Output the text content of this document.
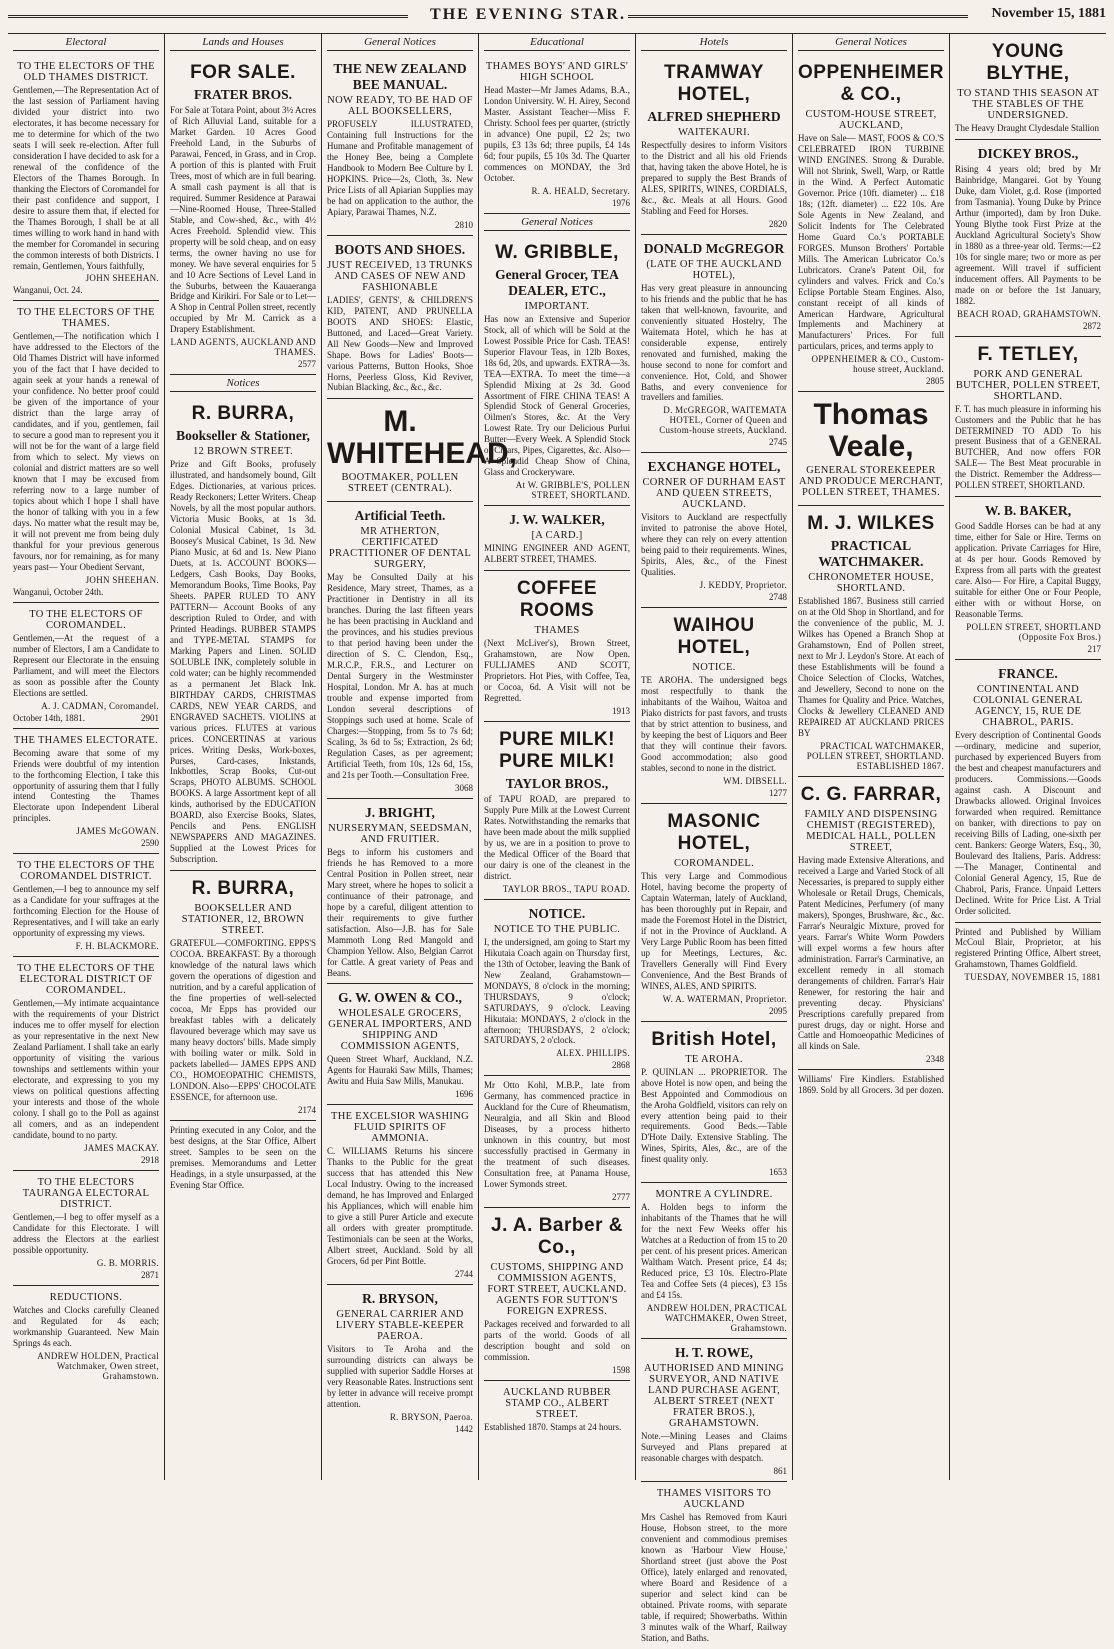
THE EVENING STAR.	November 15, 1881
Electoral
TO THE ELECTORS OF THE OLD THAMES DISTRICT.
Gentlemen,—The Representation Act of the last session of Parliament having divided your district into two electorates, it has become necessary for me to determine for which of the two seats I will seek re-election. After full consideration I have decided to ask for a renewal of the confidence of the Electors of the Thames Borough. In thanking the Electors of Coromandel for their past confidence and support, I desire to assure them that, if elected for the Thames Borough, I shall be at all times willing to work hand in hand with the member for Coromandel in securing the common interests of both Districts. I remain, Gentlemen, Yours faithfully,
JOHN SHEEHAN.
Wanganui, Oct. 24.
TO THE ELECTORS OF THE THAMES.
Gentlemen,—The notification which I have addressed to the Electors of the Old Thames District will have informed you of the fact that I have decided to again seek at your hands a renewal of your confidence. No better proof could be given of the importance of your district than the large array of candidates, and if you, gentlemen, fail to secure a good man to represent you it will not be for the want of a large field from which to select. My views on colonial and district matters are so well known that I may be excused from referring now to a large number of topics about which I hope I shall have the honor of talking with you in a few days. No matter what the result may be, it will not prevent me from being duly thankful for your previous generous favours, nor for remaining, as for many years past— Your Obedient Servant,
JOHN SHEEHAN.
Wanganui, October 24th.
TO THE ELECTORS OF COROMANDEL.
Gentlemen,—At the request of a number of Electors, I am a Candidate to Represent our Electorate in the ensuing Parliament, and will meet the Electors as soon as possible after the County Elections are settled.
A. J. CADMAN, Coromandel.
October 14th, 1881.	2901
THE THAMES ELECTORATE.
Becoming aware that some of my Friends were doubtful of my intention to the forthcoming Election, I take this opportunity of assuring them that I fully intend Contesting the Thames Electorate upon Independent Liberal principles.
JAMES McGOWAN.
2590
TO THE ELECTORS OF THE COROMANDEL DISTRICT.
Gentlemen,—I beg to announce my self as a Candidate for your suffrages at the forthcoming Election for the House of Representatives, and I will take an early opportunity of expressing my views.
F. H. BLACKMORE.
TO THE ELECTORS OF THE ELECTORAL DISTRICT OF COROMANDEL.
Gentlemen,—My intimate acquaintance with the requirements of your District induces me to offer myself for election as your representative in the next New Zealand Parliament. I shall take an early opportunity of visiting the various townships and settlements within your electorate, and expressing to you my views on political questions affecting your interests and those of the whole colony. I shall go to the Poll as against all comers, and as an independent candidate, bound to no party.
JAMES MACKAY.
2918
TO THE ELECTORS TAURANGA ELECTORAL DISTRICT.
Gentlemen,—I beg to offer myself as a Candidate for this Electorate. I will address the Electors at the earliest possible opportunity.
G. B. MORRIS.
2871
REDUCTIONS.
Watches and Clocks carefully Cleaned and Regulated for 4s each; workmanship Guaranteed. New Main Springs 4s each.
ANDREW HOLDEN, Practical Watchmaker, Owen street, Grahamstown.
Lands and Houses
FOR SALE.
FRATER BROS.
For Sale at Totara Point, about 3½ Acres of Rich Alluvial Land, suitable for a Market Garden. 10 Acres Good Freehold Land, in the Suburbs of Parawai, Fenced, in Grass, and in Crop. A portion of this is planted with Fruit Trees, most of which are in full bearing. A small cash payment is all that is required. Summer Residence at Parawai—Nine-Roomed House, Three-Stalled Stable, and Cow-shed, &c., with 4½ Acres Freehold. Splendid view. This property will be sold cheap, and on easy terms, the owner having no use for money. We have several enquiries for 5 and 10 Acre Sections of Level Land in the Suburbs, between the Kauaeranga Bridge and Kirikiri. For Sale or to Let—A Shop in Central Pollen street, recently occupied by Mr M. Carrick as a Drapery Establishment.
LAND AGENTS, AUCKLAND AND THAMES.
2577
Notices
R. BURRA,
Bookseller & Stationer,
12 BROWN STREET.
Prize and Gift Books, profusely illustrated, and handsomely bound, Gilt Edges. Dictionaries, at various prices. Ready Reckoners; Letter Writers. Cheap Novels, by all the most popular authors. Victoria Music Books, at 1s 3d. Colonial Musical Cabinet, 1s 3d. Boosey's Musical Cabinet, 1s 3d. New Piano Music, at 6d and 1s. New Piano Duets, at 1s. ACCOUNT BOOKS— Ledgers, Cash Books, Day Books, Memorandum Books, Time Books, Pay Sheets. PAPER RULED TO ANY PATTERN— Account Books of any description Ruled to Order, and with Printed Headings. RUBBER STAMPS and TYPE-METAL STAMPS for Marking Papers and Linen. SOLID SOLUBLE INK, completely soluble in cold water; can be highly recommended as a permanent Jet Black Ink. BIRTHDAY CARDS, CHRISTMAS CARDS, NEW YEAR CARDS, and ENGRAVED SACHETS. VIOLINS at various prices. FLUTES at various prices. CONCERTINAS at various prices. Writing Desks, Work-boxes, Purses, Card-cases, Inkstands, Inkbottles, Scrap Books, Cut-out Scraps, PHOTO ALBUMS. SCHOOL BOOKS. A large Assortment kept of all kinds, authorised by the EDUCATION BOARD, also Exercise Books, Slates, Pencils and Pens. ENGLISH NEWSPAPERS AND MAGAZINES. Supplied at the Lowest Prices for Subscription.
R. BURRA,
BOOKSELLER AND STATIONER, 12, BROWN STREET.
GRATEFUL—COMFORTING. EPPS'S COCOA. BREAKFAST. By a thorough knowledge of the natural laws which govern the operations of digestion and nutrition, and by a careful application of the fine properties of well-selected cocoa, Mr Epps has provided our breakfast tables with a delicately flavoured beverage which may save us many heavy doctors' bills. Made simply with boiling water or milk. Sold in packets labelled— JAMES EPPS AND CO., HOMOEOPATHIC CHEMISTS, LONDON. Also—EPPS' CHOCOLATE ESSENCE, for afternoon use.
2174
Printing executed in any Color, and the best designs, at the Star Office, Albert street. Samples to be seen on the premises. Memorandums and Letter Headings, in a style unsurpassed, at the Evening Star Office.
General Notices
THE NEW ZEALAND BEE MANUAL.
NOW READY, TO BE HAD OF ALL BOOKSELLERS,
PROFUSELY ILLUSTRATED, Containing full Instructions for the Humane and Profitable management of the Honey Bee, being a Complete Handbook to Modern Bee Culture by I. HOPKINS. Price—2s, Cloth, 3s. New Price Lists of all Apiarian Supplies may be had on application to the author, the Apiary, Parawai Thames, N.Z.
2810
BOOTS AND SHOES.
JUST RECEIVED, 13 TRUNKS AND CASES OF NEW AND FASHIONABLE
LADIES', GENTS', & CHILDREN'S KID, PATENT, AND PRUNELLA BOOTS AND SHOES: Elastic, Buttoned, and Laced—Great Variety. All New Goods—New and Improved Shape. Bows for Ladies' Boots—various Patterns, Button Hooks, Shoe Horns, Peerless Gloss, Kid Reviver, Nubian Blacking, &c., &c., &c.
M. WHITEHEAD,
BOOTMAKER, POLLEN STREET (CENTRAL).
Artificial Teeth.
MR ATHERTON, CERTIFICATED PRACTITIONER OF DENTAL SURGERY,
May be Consulted Daily at his Residence, Mary street, Thames, as a Practitioner in Dentistry in all its branches. During the last fifteen years he has been practising in Auckland and the provinces, and his studies previous to that period having been under the direction of S. C. Clendon, Esq., M.R.C.P., F.R.S., and Lecturer on Dental Surgery in the Westminster Hospital, London. Mr A. has at much trouble and expense imported from London several descriptions of Stoppings such used at home. Scale of Charges:—Stopping, from 5s to 7s 6d; Scaling, 3s 6d to 5s; Extraction, 2s 6d; Regulation Cases, as per agreement; Artificial Teeth, from 10s, 12s 6d, 15s, and 21s per Tooth.—Consultation Free.
3068
J. BRIGHT,
NURSERYMAN, SEEDSMAN, AND FRUITIER.
Begs to inform his customers and friends he has Removed to a more Central Position in Pollen street, near Mary street, where he hopes to solicit a continuance of their patronage, and hope by a careful, diligent attention to their requirements to give further satisfaction. Also—J.B. has for Sale Mammoth Long Red Mangold and Champion Yellow. Also, Belgian Carrot for Cattle. A great variety of Peas and Beans.
G. W. OWEN & CO.,
WHOLESALE GROCERS, GENERAL IMPORTERS, AND SHIPPING AND COMMISSION AGENTS,
Queen Street Wharf, Auckland, N.Z. Agents for Hauraki Saw Mills, Thames; Awitu and Huia Saw Mills, Manukau.
1696
THE EXCELSIOR WASHING FLUID SPIRITS OF AMMONIA.
C. WILLIAMS Returns his sincere Thanks to the Public for the great success that has attended this New Local Industry. Owing to the increased demand, he has Improved and Enlarged his Appliances, which will enable him to give a still Purer Article and execute all orders with greater promptitude. Testimonials can be seen at the Works, Albert street, Auckland. Sold by all Grocers, 6d per Pint Bottle.
2744
R. BRYSON,
GENERAL CARRIER AND LIVERY STABLE-KEEPER PAEROA.
Visitors to Te Aroha and the surrounding districts can always be supplied with superior Saddle Horses at very Reasonable Rates. Instructions sent by letter in advance will receive prompt attention.
R. BRYSON, Paeroa.
1442
Educational
THAMES BOYS' AND GIRLS' HIGH SCHOOL
Head Master—Mr James Adams, B.A., London University. W. H. Airey, Second Master. Assistant Teacher—Miss F. Christy. School fees per quarter, (strictly in advance) One pupil, £2 2s; two pupils, £3 13s 6d; three pupils, £4 14s 6d; four pupils, £5 10s 3d. The Quarter commences on MONDAY, the 3rd October.
R. A. HEALD, Secretary.
1976
General Notices
W. GRIBBLE,
General Grocer, TEA DEALER, ETC.,
IMPORTANT.
Has now an Extensive and Superior Stock, all of which will be Sold at the Lowest Possible Price for Cash. TEAS! Superior Flavour Teas, in 12lb Boxes, 18s 6d, 20s, and upwards. EXTRA—3s. TEA—EXTRA. To meet the time—a Splendid Mixing at 2s 3d. Good Assortment of FIRE CHINA TEAS! A Splendid Stock of General Groceries, Oilmen's Stores, &c. At the Very Lowest Rate. Try our Delicious Purlui Butter—Every Week. A Splendid Stock of Cigars, Pipes, Cigarettes, &c. Also—A Splendid Cheap Show of China, Glass and Crockeryware.
At W. GRIBBLE'S, POLLEN STREET, SHORTLAND.
J. W. WALKER,
[A CARD.]
MINING ENGINEER AND AGENT, ALBERT STREET, THAMES.
COFFEE ROOMS
THAMES
(Next McLiver's), Brown Street, Grahamstown, are Now Open. FULLJAMES AND SCOTT, Proprietors. Hot Pies, with Coffee, Tea, or Cocoa, 6d. A Visit will not be Regretted.
1913
PURE MILK! PURE MILK!
TAYLOR BROS.,
of TAPU ROAD, are prepared to Supply Pure Milk at the Lowest Current Rates. Notwithstanding the remarks that have been made about the milk supplied by us, we are in a position to prove to the Medical Officer of the Board that our dairy is one of the cleanest in the district.
TAYLOR BROS., TAPU ROAD.
NOTICE.
NOTICE TO THE PUBLIC.
I, the undersigned, am going to Start my Hikutaia Coach again on Thursday first, the 13th of October, leaving the Bank of New Zealand, Grahamstown— MONDAYS, 8 o'clock in the morning; THURSDAYS, 9 o'clock; SATURDAYS, 9 o'clock. Leaving Hikutaia: MONDAYS, 2 o'clock in the afternoon; THURSDAYS, 2 o'clock; SATURDAYS, 2 o'clock.
ALEX. PHILLIPS.
2868
Mr Otto Kohl, M.B.P., late from Germany, has commenced practice in Auckland for the Cure of Rheumatism, Neuralgia, and all Skin and Blood Diseases, by a process hitherto unknown in this country, but most successfully practised in Germany in the treatment of such diseases. Consultation free, at Panama House, Lower Symonds street.
2777
J. A. Barber & Co.,
CUSTOMS, SHIPPING AND COMMISSION AGENTS, FORT STREET, AUCKLAND. AGENTS FOR SUTTON'S FOREIGN EXPRESS.
Packages received and forwarded to all parts of the world. Goods of all description bought and sold on commission.
1598
AUCKLAND RUBBER STAMP CO., ALBERT STREET.
Established 1870. Stamps at 24 hours.
Hotels
TRAMWAY HOTEL,
ALFRED SHEPHERD
WAITEKAURI.
Respectfully desires to inform Visitors to the District and all his old Friends that, having taken the above Hotel, he is prepared to supply the Best Brands of ALES, SPIRITS, WINES, CORDIALS, &c., &c. Meals at all Hours. Good Stabling and Feed for Horses.
2820
DONALD McGREGOR
(LATE OF THE AUCKLAND HOTEL),
Has very great pleasure in announcing to his friends and the public that he has taken that well-known, favourite, and conveniently situated Hostelry, The Waitemata Hotel, which he has at considerable expense, entirely renovated and furnished, making the house second to none for comfort and convenience. Hot, Cold, and Shower Baths, and every convenience for travellers and families.
D. McGREGOR, WAITEMATA HOTEL, Corner of Queen and Custom-house streets, Auckland.
2745
EXCHANGE HOTEL,
CORNER OF DURHAM EAST AND QUEEN STREETS, AUCKLAND.
Visitors to Auckland are respectfully invited to patronise the above Hotel, where they can rely on every attention being paid to their requirements. Wines, Spirits, Ales, &c., of the Finest Qualities.
J. KEDDY, Proprietor.
2748
WAIHOU HOTEL,
NOTICE.
TE AROHA. The undersigned begs most respectfully to thank the inhabitants of the Waihou, Waitoa and Piako districts for past favors, and trusts that by strict attention to business, and by keeping the best of Liquors and Beer that they will continue their favors. Good accommodation; also good stables, second to none in the district.
WM. DIBSELL.
1277
MASONIC HOTEL,
COROMANDEL.
This very Large and Commodious Hotel, having become the property of Captain Waterman, lately of Auckland, has been thoroughly put in Repair, and made the Foremost Hotel in the District, if not in the Province of Auckland. A Very Large Public Room has been fitted up for Meetings, Lectures, &c. Travellers Generally will Find Every Convenience, And the Best Brands of WINES, ALES, AND SPIRITS.
W. A. WATERMAN, Proprietor.
2095
British Hotel,
TE AROHA.
P. QUINLAN ... PROPRIETOR. The above Hotel is now open, and being the Best Appointed and Commodious on the Aroha Goldfield, visitors can rely on every attention being paid to their requirements. Good Beds.—Table D'Hote Daily. Extensive Stabling. The Wines, Spirits, Ales, &c., are of the finest quality only.
1653
MONTRE A CYLINDRE.
A. Holden begs to inform the inhabitants of the Thames that he will for the next Few Weeks offer his Watches at a Reduction of from 15 to 20 per cent. of his present prices. American Waltham Watch. Present price, £4 4s; Reduced price, £3 10s. Electro-Plate Tea and Coffee Sets (4 pieces), £3 15s and £4 15s.
ANDREW HOLDEN, PRACTICAL WATCHMAKER, Owen Street, Grahamstown.
H. T. ROWE,
AUTHORISED AND MINING SURVEYOR, AND NATIVE LAND PURCHASE AGENT, ALBERT STREET (NEXT FRATER BROS.), GRAHAMSTOWN.
Note.—Mining Leases and Claims Surveyed and Plans prepared at reasonable charges with despatch.
861
THAMES VISITORS TO AUCKLAND
Mrs Cashel has Removed from Kauri House, Hobson street, to the more convenient and commodious premises known as 'Harbour View House,' Shortland street (just above the Post Office), lately enlarged and renovated, where Board and Residence of a superior and select kind can be obtained. Private rooms, with separate table, if required; Showerbaths. Within 3 minutes walk of the Wharf, Railway Station, and Baths.
General Notices
OPPENHEIMER & CO.,
CUSTOM-HOUSE STREET, AUCKLAND,
Have on Sale— MAST, FOOS & CO.'S CELEBRATED IRON TURBINE WIND ENGINES. Strong & Durable. Will not Shrink, Swell, Warp, or Rattle in the Wind. A Perfect Automatic Governor. Price (10ft. diameter) ... £18 18s; (12ft. diameter) ... £22 10s. Are Sole Agents in New Zealand, and Solicit Indents for The Celebrated Home Guard Co.'s PORTABLE FORGES. Munson Brothers' Portable Mills. The American Lubricator Co.'s Lubricators. Crane's Patent Oil, for cylinders and valves. Frick and Co.'s Eclipse Portable Steam Engines. Also, constant receipt of all kinds of American Hardware, Agricultural Implements and Machinery at Manufacturers' Prices. For full particulars, prices, and terms apply to
OPPENHEIMER & CO., Custom-house street, Auckland.
2805
Thomas Veale,
GENERAL STOREKEEPER AND PRODUCE MERCHANT, POLLEN STREET, THAMES.
M. J. WILKES
PRACTICAL WATCHMAKER.
CHRONOMETER HOUSE, SHORTLAND.
Established 1867. Business still carried on at the Old Shop in Shortland, and for the convenience of the public, M. J. Wilkes has Opened a Branch Shop at Grahamstown, End of Pollen street, next to Mr J. Leydon's Store. At each of these Establishments will be found a Choice Selection of Clocks, Watches, and Jewellery, Second to none on the Thames for Quality and Price. Watches, Clocks & Jewellery CLEANED AND REPAIRED AT AUCKLAND PRICES BY
PRACTICAL WATCHMAKER, POLLEN STREET, SHORTLAND. ESTABLISHED 1867.
C. G. FARRAR,
FAMILY AND DISPENSING CHEMIST (REGISTERED), MEDICAL HALL, POLLEN STREET,
Having made Extensive Alterations, and received a Large and Varied Stock of all Necessaries, is prepared to supply either Wholesale or Retail Drugs, Chemicals, Patent Medicines, Perfumery (of many makers), Sponges, Brushware, &c., &c. Farrar's Neuralgic Mixture, proved for years. Farrar's White Worm Powders will expel worms a few hours after administration. Farrar's Carminative, an excellent remedy in all stomach derangements of children. Farrar's Hair Renewer, for restoring the hair and preventing decay. Physicians' Prescriptions carefully prepared from purest drugs, day or night. Horse and Cattle and Homoeopathic Medicines of all kinds on Sale.
2348
Williams' Fire Kindlers. Established 1869. Sold by all Grocers. 3d per dozen.
YOUNG BLYTHE,
TO STAND THIS SEASON AT THE STABLES OF THE UNDERSIGNED.
The Heavy Draught Clydesdale Stallion
DICKEY BROS.,
Rising 4 years old; bred by Mr Bainbridge, Mangarei. Got by Young Duke, dam Violet, g.d. Rose (imported from Tasmania). Young Duke by Prince Arthur (imported), dam by Iron Duke. Young Blythe took First Prize at the Auckland Agricultural Society's Show in 1880 as a three-year old. Terms:—£2 10s for single mare; two or more as per agreement. Will travel if sufficient inducement offers. All Payments to be made on or before the 1st January, 1882.
BEACH ROAD, GRAHAMSTOWN.
2872
F. TETLEY,
PORK AND GENERAL BUTCHER, POLLEN STREET, SHORTLAND.
F. T. has much pleasure in informing his Customers and the Public that he has DETERMINED TO ADD To his present Business that of a GENERAL BUTCHER, And now offers FOR SALE— The Best Meat procurable in the District. Remember the Address— POLLEN STREET, SHORTLAND.
W. B. BAKER,
Good Saddle Horses can be had at any time, either for Sale or Hire. Terms on application. Private Carriages for Hire, at 4s per hour. Goods Removed by Express from all parts with the greatest care. Also— For Hire, a Capital Buggy, suitable for either One or Four People, either with or without Horse, on Reasonable Terms.
POLLEN STREET, SHORTLAND (Opposite Fox Bros.)
217
FRANCE.
CONTINENTAL AND COLONIAL GENERAL AGENCY, 15, RUE DE CHABROL, PARIS.
Every description of Continental Goods—ordinary, medicine and superior, purchased by experienced Buyers from the best and cheapest manufacturers and producers. Commissions.—Goods against cash. A Discount and Drawbacks allowed. Original Invoices forwarded when required. Remittance on banker, with directions to pay on receiving Bills of Lading, one-sixth per cent. Bankers: George Waters, Esq., 30, Boulevard des Italiens, Paris. Address:—The Manager, Continental and Colonial General Agency, 15, Rue de Chabrol, Paris, France. Unpaid Letters Declined. Write for Price List. A Trial Order solicited.
Printed and Published by William McCoul Blair, Proprietor, at his registered Printing Office, Albert street, Grahamstown, Thames Goldfield.
TUESDAY, NOVEMBER 15, 1881
